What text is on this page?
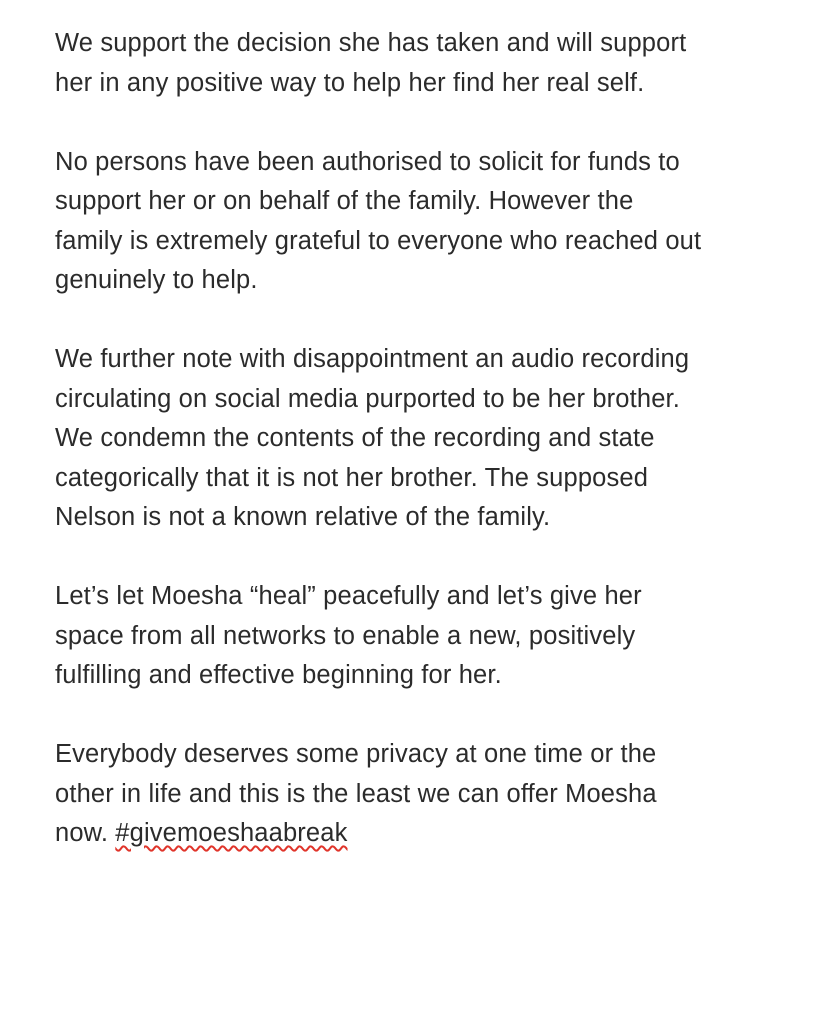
We support the decision she has taken and will support
her in any positive way to help her find her real self.

No persons have been authorised to solicit for funds to
support her or on behalf of the family. However the
family is extremely grateful to everyone who reached out
genuinely to help.

We further note with disappointment an audio recording
circulating on social media purported to be her brother.
We condemn the contents of the recording and state
categorically that it is not her brother. The supposed
Nelson is not a known relative of the family.

Let’s let Moesha “heal” peacefully and let’s give her
space from all networks to enable a new, positively
fulfilling and effective beginning for her.

Everybody deserves some privacy at one time or the
other in life and this is the least we can offer Moesha
now. #givemoeshaabreak
